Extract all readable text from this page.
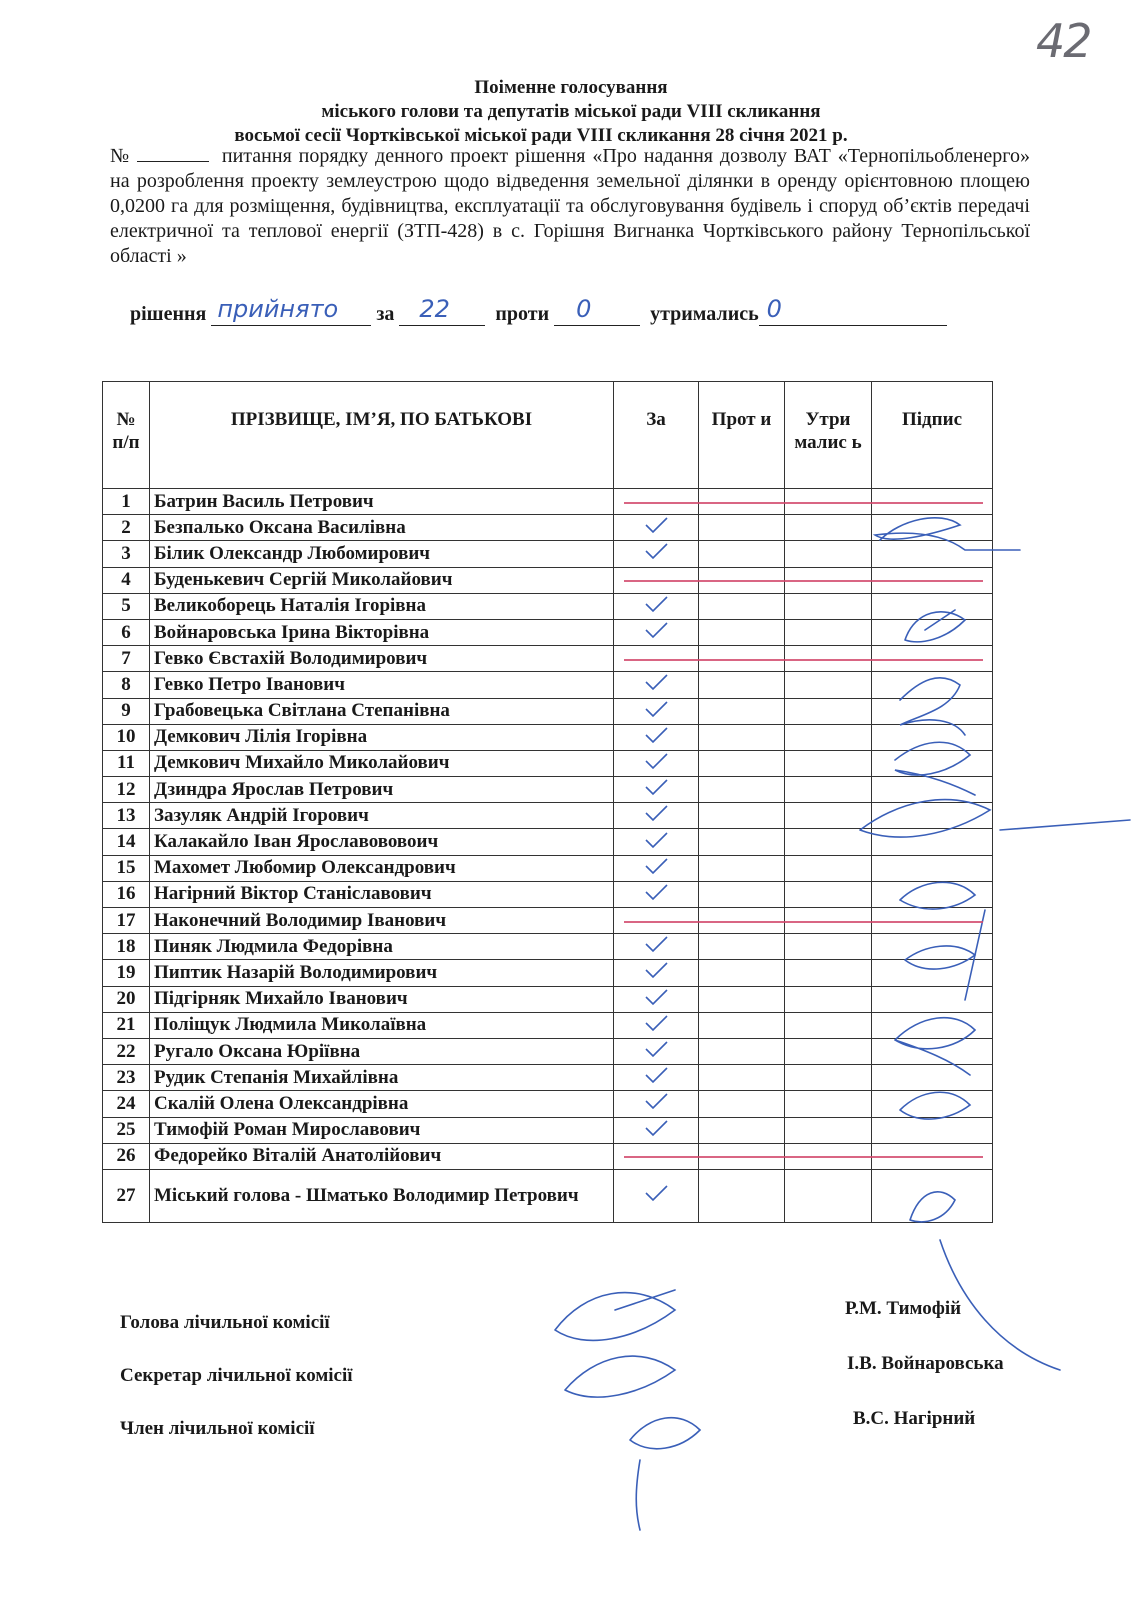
42
Поіменне голосування
міського голови та депутатів міської ради VIII скликання
восьмої сесії Чортківської міської ради VIII скликання 28 січня 2021 р.
№	питання порядку денного проект рішення «Про надання дозволу ВАТ «Тернопільобленерго» на розроблення проекту землеустрою щодо відведення земельної ділянки в оренду орієнтовною площею 0,0200 га для розміщення, будівництва, експлуатації та обслуговування будівель і споруд об’єктів передачі електричної та теплової енергії (ЗТП-428) в с. Горішня Вигнанка Чортківського району Тернопільської області »
рішення прийнято за 22 проти 0	утримались 0
№ п/п	ПРІЗВИЩЕ, ІМ’Я, ПО БАТЬКОВІ	За	Прот и	Утри малис ь	Підпис
1	Батрин Василь Петрович				
2	Безпалько Оксана Василівна				
3	Білик Олександр Любомирович				
4	Буденькевич Сергій Миколайович				
5	Великоборець Наталія Ігорівна				
6	Войнаровська Ірина Вікторівна				
7	Гевко Євстахій Володимирович				
8	Гевко Петро Іванович				
9	Грабовецька Світлана Степанівна				
10	Демкович Лілія Ігорівна				
11	Демкович Михайло Миколайович				
12	Дзиндра Ярослав Петрович				
13	Зазуляк Андрій Ігорович				
14	Калакайло Іван Ярославововоич				
15	Махомет Любомир Олександрович				
16	Нагірний Віктор Станіславович				
17	Наконечний Володимир Іванович				
18	Пиняк Людмила Федорівна				
19	Пиптик Назарій Володимирович				
20	Підгірняк Михайло Іванович				
21	Поліщук Людмила Миколаївна				
22	Ругало Оксана Юріївна				
23	Рудик Степанія Михайлівна				
24	Скалій Олена Олександрівна				
25	Тимофій Роман Мирославович				
26	Федорейко Віталій Анатолійович				
27	Міський голова - Шматько Володимир Петрович				
Голова лічильної комісії
Секретар лічильної комісії
Член лічильної комісії
Р.М. Тимофій
І.В. Войнаровська
В.С. Нагірний
